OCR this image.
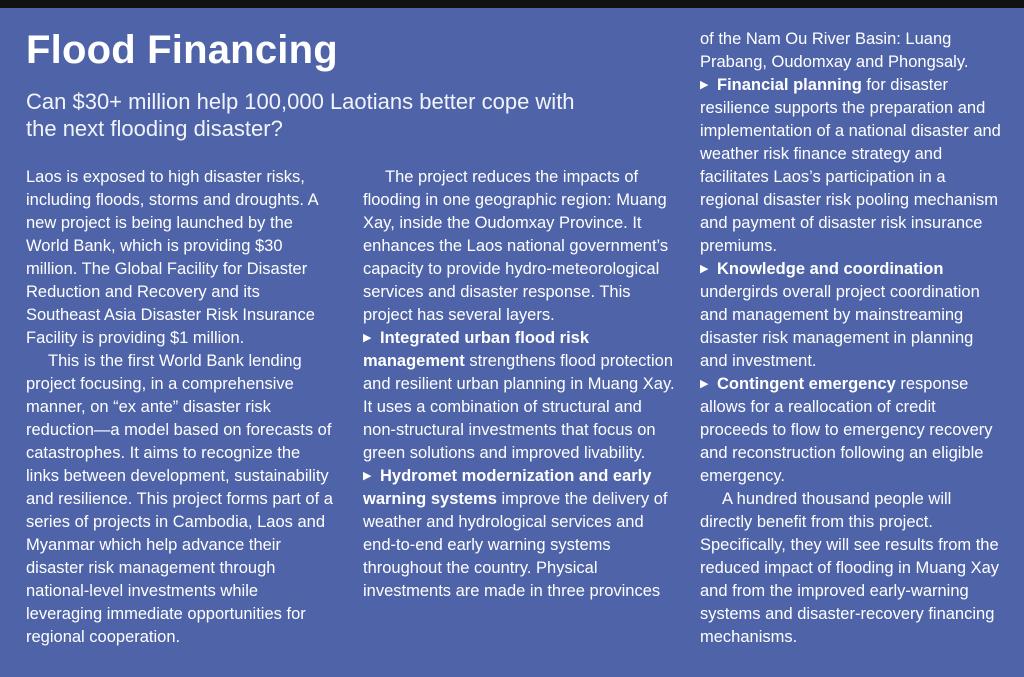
Flood Financing
Can $30+ million help 100,000 Laotians better cope with the next flooding disaster?

Laos is exposed to high disaster risks, including floods, storms and droughts. A new project is being launched by the World Bank, which is providing $30 million. The Global Facility for Disaster Reduction and Recovery and its Southeast Asia Disaster Risk Insurance Facility is providing $1 million.

This is the first World Bank lending project focusing, in a comprehensive manner, on “ex ante” disaster risk reduction—a model based on forecasts of catastrophes. It aims to recognize the links between development, sustainability and resilience. This project forms part of a series of projects in Cambodia, Laos and Myanmar which help advance their disaster risk management through national-level investments while leveraging immediate opportunities for regional cooperation.

The project reduces the impacts of flooding in one geographic region: Muang Xay, inside the Oudomxay Province. It enhances the Laos national government’s capacity to provide hydro-meteorological services and disaster response. This project has several layers.

▶ Integrated urban flood risk management strengthens flood protection and resilient urban planning in Muang Xay. It uses a combination of structural and non-structural investments that focus on green solutions and improved livability.

▶ Hydromet modernization and early warning systems improve the delivery of weather and hydrological services and end-to-end early warning systems throughout the country. Physical investments are made in three provinces

of the Nam Ou River Basin: Luang Prabang, Oudomxay and Phongsaly.

▶ Financial planning for disaster resilience supports the preparation and implementation of a national disaster and weather risk finance strategy and facilitates Laos’s participation in a regional disaster risk pooling mechanism and payment of disaster risk insurance premiums.

▶ Knowledge and coordination undergirds overall project coordination and management by mainstreaming disaster risk management in planning and investment.

▶ Contingent emergency response allows for a reallocation of credit proceeds to flow to emergency recovery and reconstruction following an eligible emergency.

A hundred thousand people will directly benefit from this project. Specifically, they will see results from the reduced impact of flooding in Muang Xay and from the improved early-warning systems and disaster-recovery financing mechanisms.
